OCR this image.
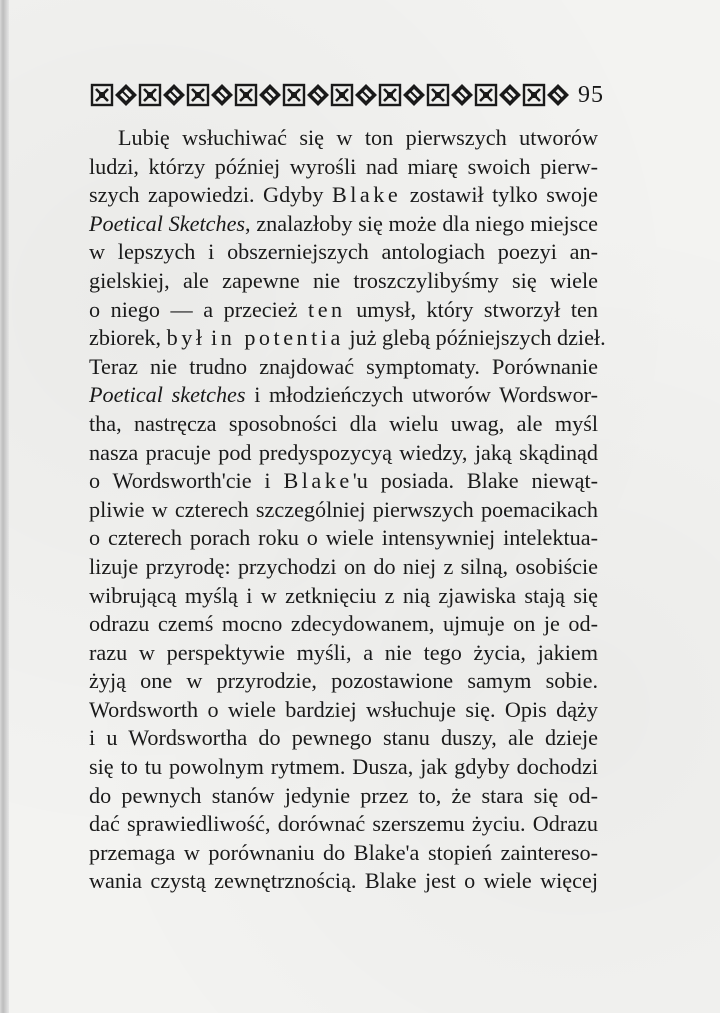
95
Lubię wsłuchiwać się w ton pierwszych utworów
ludzi, którzy później wyrośli nad miarę swoich pierw-
szych zapowiedzi. Gdyby Blake zostawił tylko swoje
Poetical Sketches, znalazłoby się może dla niego miejsce
w lepszych i obszerniejszych antologiach poezyi an-
gielskiej, ale zapewne nie troszczylibyśmy się wiele
o niego — a przecież ten umysł, który stworzył ten
zbiorek, był in potentia już glebą późniejszych dzieł.
Teraz nie trudno znajdować symptomaty. Porównanie
Poetical sketches i młodzieńczych utworów Wordswor-
tha, nastręcza sposobności dla wielu uwag, ale myśl
nasza pracuje pod predyspozycyą wiedzy, jaką skądinąd
o Wordsworth'cie i Blake'u posiada. Blake niewąt-
pliwie w czterech szczególniej pierwszych poemacikach
o czterech porach roku o wiele intensywniej intelektua-
lizuje przyrodę: przychodzi on do niej z silną, osobiście
wibrującą myślą i w zetknięciu z nią zjawiska stają się
odrazu czemś mocno zdecydowanem, ujmuje on je od-
razu w perspektywie myśli, a nie tego życia, jakiem
żyją one w przyrodzie, pozostawione samym sobie.
Wordsworth o wiele bardziej wsłuchuje się. Opis dąży
i u Wordswortha do pewnego stanu duszy, ale dzieje
się to tu powolnym rytmem. Dusza, jak gdyby dochodzi
do pewnych stanów jedynie przez to, że stara się od-
dać sprawiedliwość, dorównać szerszemu życiu. Odrazu
przemaga w porównaniu do Blake'a stopień zaintereso-
wania czystą zewnętrznością. Blake jest o wiele więcej
